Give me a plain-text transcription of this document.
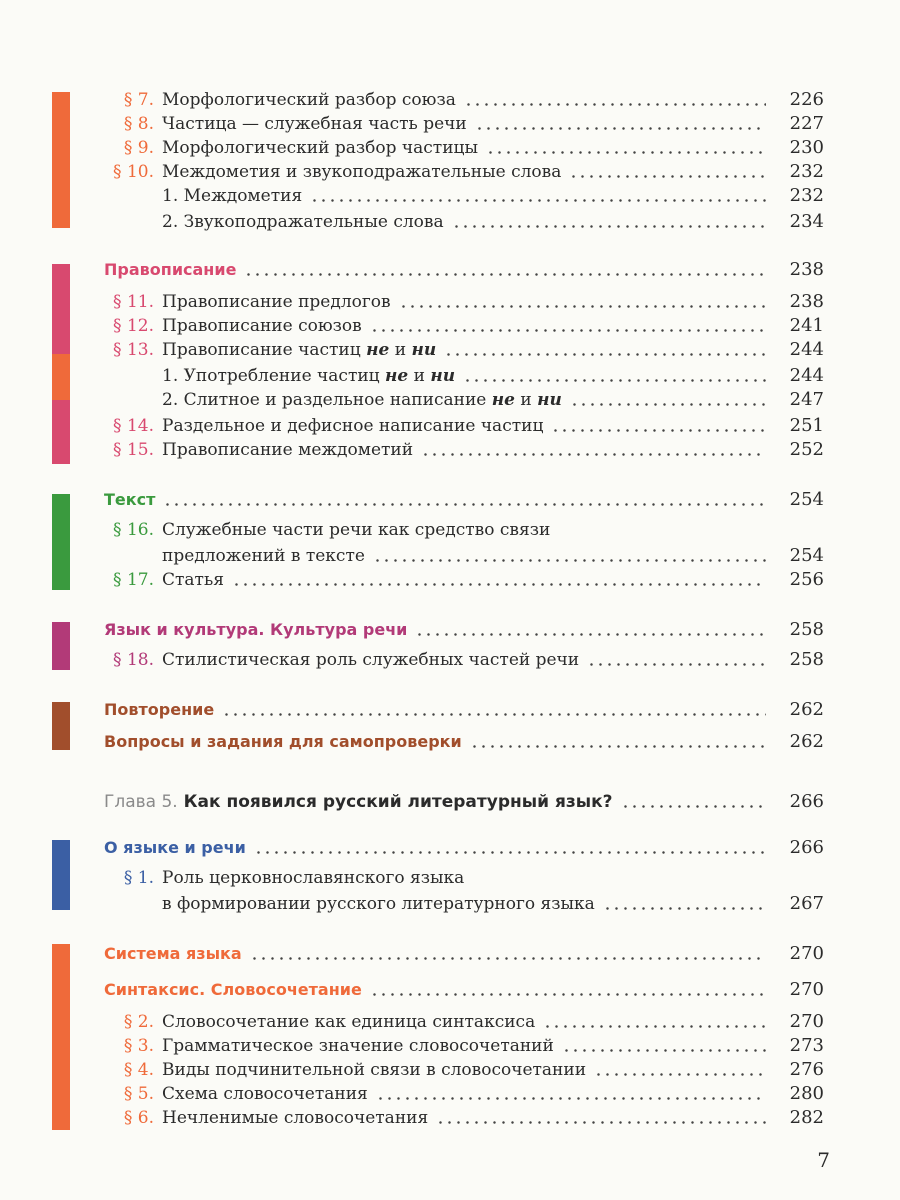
§ 7. Морфологический разбор союза	226
§ 8. Частица — служебная часть речи	227
§ 9. Морфологический разбор частицы	230
§ 10. Междометия и звукоподражательные слова	232
1. Междометия	232
2. Звукоподражательные слова	234
Правописание	238
§ 11. Правописание предлогов	238
§ 12. Правописание союзов	241
§ 13. Правописание частиц не и ни	244
1. Употребление частиц не и ни	244
2. Слитное и раздельное написание не и ни	247
§ 14. Раздельное и дефисное написание частиц	251
§ 15. Правописание междометий	252
Текст	254
§ 16. Служебные части речи как средство связи
предложений в тексте	254
§ 17. Статья	256
Язык и культура. Культура речи	258
§ 18. Стилистическая роль служебных частей речи	258
Повторение	262
Вопросы и задания для самопроверки	262
Глава 5. Как появился русский литературный язык?	266
О языке и речи	266
§ 1. Роль церковнославянского языка
в формировании русского литературного языка	267
Система языка	270
Синтаксис. Словосочетание	270
§ 2. Словосочетание как единица синтаксиса	270
§ 3. Грамматическое значение словосочетаний	273
§ 4. Виды подчинительной связи в словосочетании	276
§ 5. Схема словосочетания	280
§ 6. Нечленимые словосочетания	282
7
